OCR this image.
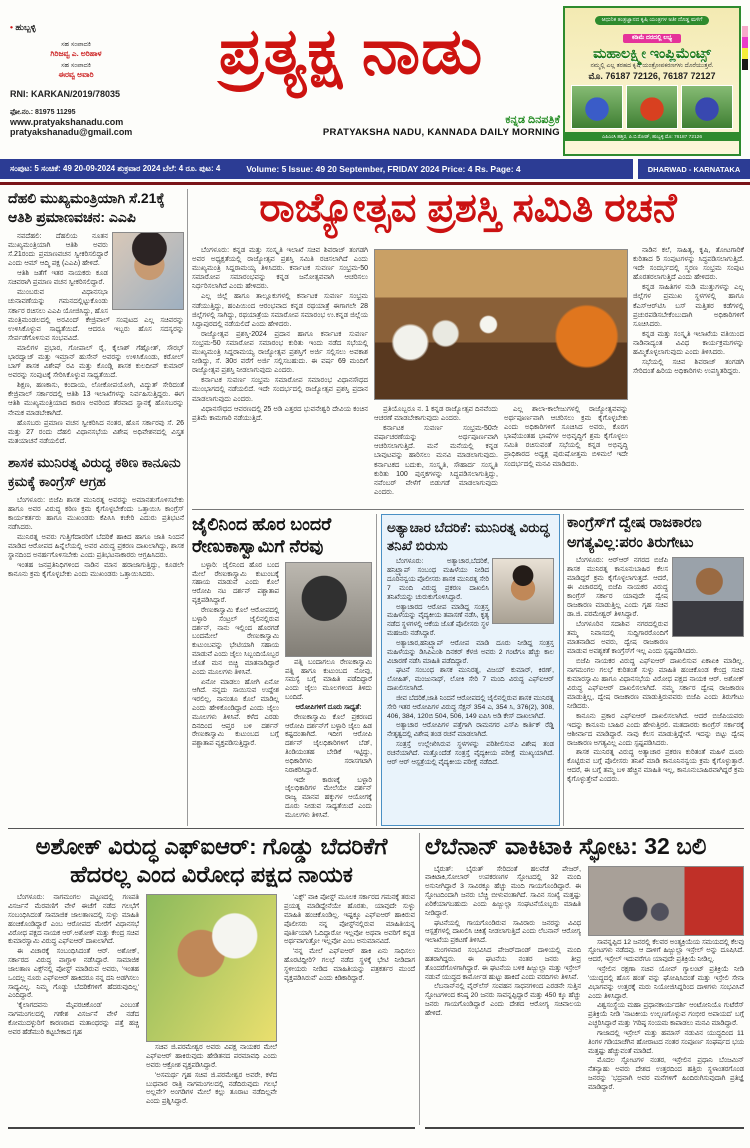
• ಹುಬ್ಬಳ್ಳಿ
ಸಹ ಸಂಪಾದಕಿ
ಗಿರಿಜವ್ವ ಎ. ಅರಿಹಾಳ
ಸಹ ಸಂಪಾದಕಿ
ಈರವ್ವ ಅವಾರಿ
RNI: KARKAN/2019/78035
ಫೋ.ನಂ.: 81975 11295
www.pratyakshanadu.com
pratyakshanadu@gmail.com
ಪ್ರತ್ಯಕ್ಷ ನಾಡು
ಕನ್ನಡ ದಿನಪತ್ರಿಕೆ
PRATYAKSHA NADU, KANNADA DAILY MORNING
ಆಧುನಿಕ ತಂತ್ರಜ್ಞಾನದ ಕೃಷಿ ಯಂತ್ರಗಳ ಅತೀ ದೊಡ್ಡ ಮಳಿಗೆ
ಕಡಿಮೆ ದರದಲ್ಲಿ ಲಭ್ಯ
ಮಹಾಲಕ್ಷ್ಮೀ ಇಂಪ್ಲಿಮೆಂಟ್ಸ್
ನಮ್ಮಲ್ಲಿ ಎಲ್ಲ ತರಹದ ಕೃಷಿ ಯಂತ್ರೋಪಕರಣಗಳು ದೊರೆಯುತ್ತವೆ.
ಮೊ. 76187 72126, 76187 72127
ಎಪಿಎಂಸಿ ಹತ್ತಿರ, ಪಿ.ಬಿ.ರೋಡ್, ಹುಬ್ಬಳ್ಳಿ ಮೊ: 76187 72126
ಸಂಪುಟ: 5 ಸಂಚಿಕೆ: 49 20-09-2024 ಶುಕ್ರವಾರ 2024 ಬೆಲೆ: 4 ರೂ. ಪುಟ: 4	Volume: 5 Issue: 49 20 September, FRIDAY 2024 Price: 4 Rs. Page: 4	DHARWAD - KARNATAKA
ದೆಹಲಿ ಮುಖ್ಯಮಂತ್ರಿಯಾಗಿ ಸೆ.21ಕ್ಕೆ ಆತಿಶಿ ಪ್ರಮಾಣವಚನ: ಎಎಪಿ

ನವದೆಹಲಿ: ದೆಹಲಿಯ ನೂತನ ಮುಖ್ಯಮಂತ್ರಿಯಾಗಿ ಆತಿಶಿ ಅವರು ಸೆ.21ರಂದು ಪ್ರಮಾಣವಚನ ಸ್ವೀಕರಿಸಲಿದ್ದಾರೆ ಎಂದು ಆಮ್ ಆದ್ಮಿ ಪಕ್ಷ (ಎಎಪಿ) ಹೇಳಿದೆ.

ಆತಿಶಿ ಜತೆಗೆ ಇತರ ನಾಯಕರು ಕೂಡ ಸಚಿವರಾಗಿ ಪ್ರಮಾಣ ವಚನ ಸ್ವೀಕರಿಸಲಿದ್ದಾರೆ.

ಮುಂಬರುವ ವಿಧಾನಸಭಾ ಚುನಾವಣೆಯನ್ನು ಗಮನದಲ್ಲಿಟ್ಟುಕೊಂಡು ಸರ್ಕಾರ ರಚಿಸಲು ಎಎಪಿ ಯೋಜಿಸಿದ್ದು, ಹೊಸ ಮಂತ್ರಿಮಂಡಲದಲ್ಲಿ ಅರವಿಂದ್ ಕೇಜ್ರಿವಾಲ್ ಸಂಪುಟದ ಎಲ್ಲ ಸಚಿವರನ್ನು ಉಳಿಸಿಕೊಳ್ಳುವ ಸಾಧ್ಯತೆಯಿದೆ. ಆದರೂ ಇಬ್ಬರು ಹೊಸ ಸದಸ್ಯರನ್ನು ಸೇರ್ಪಡೆಗೊಳಿಸುವ ಸಂಭವವಿದೆ.

ಮಾಲಿಗಳ ಪ್ರಭಾರ, ಗೋಪಾಲ್ ರೈ, ಕೈಲಾಶ್ ಗೆಹ್ಲೋತ್, ಸೌರಭ್ ಭಾರದ್ವಾಜ್ ಮತ್ತು ಇಮ್ರಾನ್ ಹುಸೇನ್ ಅವರನ್ನು ಉಳಿಸಿಕೊಂಡು, ಕರೋಲ್ ಬಾಗ್ ಶಾಸಕ ವಿಶೇಷ್ ರವಿ ಮತ್ತು ಕೊಂಡ್ಲಿ ಶಾಸಕ ಕುಲದೀಪ್ ಕುಮಾರ್ ಅವರನ್ನು ಸಂಪುಟಕ್ಕೆ ಸೇರಿಸಿಕೊಳ್ಳುವ ಸಾಧ್ಯತೆಯಿದೆ.

ಶಿಕ್ಷಣ, ಹಣಕಾಸು, ಕಂದಾಯ, ಲೋಕೋಪಯೋಗಿ, ವಿದ್ಯುತ್ ಸೇರಿದಂತೆ ಕೇಜ್ರಿವಾಲ್ ಸರ್ಕಾರದಲ್ಲಿ ಆತಿಶಿ 13 ಇಲಾಖೆಗಳನ್ನು ನಿರ್ವಹಿಸುತ್ತಿದ್ದರು. ಈಗ ಆತಿಶಿ ಮುಖ್ಯಮಂತ್ರಿಯಾದ ಕಾರಣ ಅವರಿಂದ ತೆರವಾದ ಸ್ಥಾನಕ್ಕೆ ಹೊಸಬರನ್ನು ನೇಮಕ ಮಾಡಬೇಕಾಗಿದೆ.

ಹೊಸಬರು ಪ್ರಮಾಣ ವಚನ ಸ್ವೀಕರಿಸಿದ ನಂತರ, ಹೊಸ ಸರ್ಕಾರವು ಸೆ. 26 ಮತ್ತು 27 ರಂದು ದೆಹಲಿ ವಿಧಾನಸಭೆಯ ವಿಶೇಷ ಅಧಿವೇಶನದಲ್ಲಿ ವಿಸ್ತೃತ ಮತಯಾಚನೆ ನಡೆಯಲಿದೆ.

ಶಾಸಕ ಮುನಿರತ್ನ ವಿರುದ್ಧ ಕಠಿಣ ಕಾನೂನು ಕ್ರಮಕ್ಕೆ ಕಾಂಗ್ರೆಸ್ ಆಗ್ರಹ

ಬೆಂಗಳೂರು: ಬಿಜೆಪಿ ಶಾಸಕ ಮುನಿರತ್ನ ಅವರನ್ನು ಅಮಾನತುಗೊಳಿಸಬೇಕು ಹಾಗೂ ಅವರ ವಿರುದ್ಧ ಕಠಿಣ ಕ್ರಮ ಕೈಗೊಳ್ಳಬೇಕೆಂದು ಒತ್ತಾಯಿಸಿ ಕಾಂಗ್ರೆಸ್ ಕಾರ್ಯಕರ್ತರು ಹಾಗೂ ಮುಖಂಡರು ಕೆಪಿಸಿಸಿ ಕಚೇರಿ ಎದುರು ಪ್ರತಿಭಟನೆ ನಡೆಸಿದರು.

ಮುನಿರತ್ನ ಅವರು ಗುತ್ತಿಗೆದಾರರಿಗೆ ಬೆದರಿಕೆ ಹಾಕಿದ ಹಾಗೂ ಜಾತಿ ನಿಂದನೆ ಮಾಡಿದ ಆರೋಪದ ಹಿನ್ನೆಲೆಯಲ್ಲಿ ಅವರ ವಿರುದ್ಧ ಪ್ರಕರಣ ದಾಖಲಾಗಿದ್ದು, ಶಾಸಕ ಸ್ಥಾನದಿಂದ ಅನರ್ಹಗೊಳಿಸಬೇಕು ಎಂದು ಪ್ರತಿಭಟನಾಕಾರರು ಆಗ್ರಹಿಸಿದರು.

ಇಂತಹ ಜನಪ್ರತಿನಿಧಿಗಳಿಂದ ನಾಡಿನ ಮಾನ ಹರಾಜಾಗುತ್ತಿದ್ದು, ಕೂಡಲೇ ಕಾನೂನು ಕ್ರಮ ಕೈಗೊಳ್ಳಬೇಕು ಎಂದು ಮುಖಂಡರು ಒತ್ತಾಯಿಸಿದರು.

ರಾಜ್ಯೋತ್ಸವ ಪ್ರಶಸ್ತಿ ಸಮಿತಿ ರಚನೆ

ಬೆಂಗಳೂರು: ಕನ್ನಡ ಮತ್ತು ಸಂಸ್ಕೃತಿ ಇಲಾಖೆ ಸಚಿವ ಶಿವರಾಜ್ ತಂಗಡಗಿ ಅವರ ಅಧ್ಯಕ್ಷತೆಯಲ್ಲಿ ರಾಜ್ಯೋತ್ಸವ ಪ್ರಶಸ್ತಿ ಸಮಿತಿ ರಚಿಸಲಾಗಿದೆ ಎಂದು ಮುಖ್ಯಮಂತ್ರಿ ಸಿದ್ದರಾಮಯ್ಯ ತಿಳಿಸಿದರು. ಕರ್ನಾಟಕ ಸುವರ್ಣ ಸಂಭ್ರಮ-50 ಸಮಾರೋಪ ಸಮಾರಂಭವನ್ನು ಕನ್ನಡ ಜನೋತ್ಸವವಾಗಿ ಆಚರಿಸಲು ನಿರ್ಧರಿಸಲಾಗಿದೆ ಎಂದು ಹೇಳಿದರು.

ಎಲ್ಲ ಜಿಲ್ಲೆ ಹಾಗೂ ತಾಲ್ಲೂಕುಗಳಲ್ಲಿ ಕರ್ನಾಟಕ ಸುವರ್ಣ ಸಂಭ್ರಮ ನಡೆಯುತ್ತಿದ್ದು, ಹಂಪಿಯಿಂದ ಆರಂಭವಾದ ಕನ್ನಡ ರಥಯಾತ್ರೆ ಈಗಾಗಲೇ 28 ಜಿಲ್ಲೆಗಳಲ್ಲಿ ಸಾಗಿದ್ದು, ರಥಯಾತ್ರೆಯ ಸಮಾರೋಪ ಸಮಾರಂಭ ಉ.ಕನ್ನಡ ಜಿಲ್ಲೆಯ ಸಿದ್ದಾಪುರದಲ್ಲಿ ನಡೆಯಲಿದೆ ಎಂದು ಹೇಳಿದರು.

ರಾಜ್ಯೋತ್ಸವ ಪ್ರಶಸ್ತಿ-2024 ಪ್ರದಾನ ಹಾಗೂ ಕರ್ನಾಟಕ ಸುವರ್ಣ ಸಂಭ್ರಮ-50 ಸಮಾರೋಪ ಸಮಾರಂಭ ಕುರಿತು ಇಂದು ನಡೆದ ಸಭೆಯಲ್ಲಿ ಮುಖ್ಯಮಂತ್ರಿ ಸಿದ್ದರಾಮಯ್ಯ ರಾಜ್ಯೋತ್ಸವ ಪ್ರಶಸ್ತಿಗೆ ಅರ್ಜಿ ಸಲ್ಲಿಸಲು ಅವಕಾಶ ನೀಡಿದ್ದು, ಸೆ. 30ರ ವರೆಗೆ ಅರ್ಜಿ ಸಲ್ಲಿಸಬಹುದು. ಈ ವರ್ಷ 69 ಮಂದಿಗೆ ರಾಜ್ಯೋತ್ಸವ ಪ್ರಶಸ್ತಿ ನೀಡಲಾಗುವುದು ಎಂದರು.

ಕರ್ನಾಟಕ ಸುವರ್ಣ ಸಂಭ್ರಮ ಸಮಾರೋಪ ಸಮಾರಂಭ ವಿಧಾನಸೌಧದ ಮುಂಭಾಗದಲ್ಲಿ ನಡೆಯಲಿದೆ. ಇದೇ ಸಂದರ್ಭದಲ್ಲಿ ರಾಜ್ಯೋತ್ಸವ ಪ್ರಶಸ್ತಿ ಪ್ರದಾನ ಮಾಡಲಾಗುವುದು ಎಂದರು.

ವಿಧಾನಸೌಧದ ಆವರಣದಲ್ಲಿ 25 ಅಡಿ ಎತ್ತರದ ಭುವನೇಶ್ವರಿ ದೇವಿಯ ಕಂಚಿನ ಪ್ರತಿಮೆ ಕಾಮಗಾರಿ ನಡೆಯುತ್ತಿದೆ.

ಪ್ರತಿಯೊಬ್ಬರೂ ನ. 1 ಕನ್ನಡ ರಾಜ್ಯೋತ್ಸವ ದಿನವೆಂದು ಆಚರಣೆ ಮಾಡಬೇಕಾಗುವುದು ಎಂದರು.

ಕರ್ನಾಟಕ ಸುವರ್ಣ ಸಂಭ್ರಮ-50ನೇ ವರ್ಷಾಚರಣೆಯನ್ನು ಅರ್ಥಪೂರ್ಣವಾಗಿ ಆಚರಿಸಲಾಗುತ್ತಿದೆ. ಮನೆ ಮನೆಯಲ್ಲಿ ಕನ್ನಡ ಬಾವುಟವನ್ನು ಹಾರಿಸಲು ಮನವಿ ಮಾಡಲಾಗುವುದು. ಕರ್ನಾಟಕದ ಬದುಕು, ಸಂಸ್ಕೃತಿ, ಸೌಹಾರ್ದ ಸಂಸ್ಕೃತಿ ಕುರಿತು 100 ಪುಸ್ತಕಗಳನ್ನು ಸಿದ್ಧಪಡಿಸಲಾಗುತ್ತಿದ್ದು, ನವೆಂಬರ್ ವೇಳೆಗೆ ಬಿಡುಗಡೆ ಮಾಡಲಾಗುವುದು ಎಂದರು.

ಎಲ್ಲ ಶಾಲಾ-ಕಾಲೇಜುಗಳಲ್ಲಿ ರಾಜ್ಯೋತ್ಸವವನ್ನು ಅರ್ಥಪೂರ್ಣವಾಗಿ ಆಚರಿಸಲು ಕ್ರಮ ಕೈಗೊಳ್ಳಬೇಕು ಎಂದು ಅಧಿಕಾರಿಗಳಿಗೆ ಸೂಚಿಸಿದ ಅವರು, ಕೊರಗ ಭಾಷೆಯಂತಹ ಭಾಷೆಗಳ ಅಭಿವೃದ್ಧಿಗೆ ಶ್ರಮ ಕೈಗೊಳ್ಳಲು ಸಮಿತಿ ರಚಿಸುವಂತೆ ಸಭೆಯಲ್ಲಿ ಕನ್ನಡ ಅಭಿವೃದ್ಧಿ ಪ್ರಾಧಿಕಾರದ ಅಧ್ಯಕ್ಷ ಪುರುಷೋತ್ತಮ ಬಿಳಿಮಲೆ ಇದೇ ಸಂದರ್ಭದಲ್ಲಿ ಮನವಿ ಮಾಡಿದರು.

ನಾಡಿನ ಕಲೆ, ಸಾಹಿತ್ಯ, ಕೃಷಿ, ತೋಟಗಾರಿಕೆ ಕುರಿತಾದ 5 ಸಂಪುಟಗಳನ್ನು ಸಿದ್ಧಪಡಿಸಲಾಗುತ್ತಿದೆ. ಇದೇ ಸಂದರ್ಭದಲ್ಲಿ ಸ್ಮರಣ ಸಂಭ್ರಮ ಸಂಪುಟ ಹೊರತರಲಾಗುತ್ತಿದೆ ಎಂದು ಹೇಳಿದರು.

ಕನ್ನಡ ಸಾಹಿತಿಗಳ ನುಡಿ ಮುತ್ತುಗಳನ್ನು ಎಲ್ಲ ಜಿಲ್ಲೆಗಳ ಪ್ರಮುಖ ಸ್ಥಳಗಳಲ್ಲಿ ಹಾಗೂ ಕೆಎಸ್‌ಆರ್‌ಟಿಸಿ ಬಸ್ ಮತ್ತಿತರ ಕಡೆಗಳಲ್ಲಿ ಪ್ರಚುರಪಡಿಸಬೇಕೆಂಬುದಾಗಿ ಅಧಿಕಾರಿಗಳಿಗೆ ಸೂಚಿಸಿದರು.

ಕನ್ನಡ ಮತ್ತು ಸಂಸ್ಕೃತಿ ಇಲಾಖೆಯ ವತಿಯಿಂದ ನಾಡಿನಾದ್ಯಂತ ವಿವಿಧ ಕಾರ್ಯಕ್ರಮಗಳನ್ನು ಹಮ್ಮಿಕೊಳ್ಳಲಾಗುವುದು ಎಂದು ತಿಳಿಸಿದರು.

ಸಭೆಯಲ್ಲಿ ಸಚಿವ ಶಿವರಾಜ್ ತಂಗಡಗಿ ಸೇರಿದಂತೆ ಹಿರಿಯ ಅಧಿಕಾರಿಗಳು ಉಪಸ್ಥಿತರಿದ್ದರು.

ಜೈಲಿನಿಂದ ಹೊರ ಬಂದರೆ ರೇಣುಕಾಸ್ವಾಮಿಗೆ ನೆರವು

ಬಳ್ಳಾರಿ: ಜೈಲಿನಿಂದ ಹೊರ ಬಂದ ಮೇಲೆ ರೇಣುಕಾಸ್ವಾಮಿ ಕುಟುಂಬಕ್ಕೆ ಸಹಾಯ ಮಾಡುವೆ ಎಂದು ಕೊಲೆ ಆರೋಪಿ ನಟ ದರ್ಶನ್ ಪಶ್ಚಾತಾಪ ವ್ಯಕ್ತಪಡಿಸಿದ್ದಾರೆ.

ರೇಣುಕಾಸ್ವಾಮಿ ಕೊಲೆ ಆರೋಪದಲ್ಲಿ ಬಳ್ಳಾರಿ ಸೆಂಟ್ರಲ್ ಜೈಲಿನಲ್ಲಿರುವ ದರ್ಶನ್, ನಾನು ಇಲ್ಲಿಂದ ಹೊರಗಡೆ ಬಂದಮೇಲೆ ರೇಣುಕಾಸ್ವಾಮಿ ಕುಟುಂಬವನ್ನು ಭೇಟಿಯಾಗಿ ಸಹಾಯ ಮಾಡುವೆ ಎಂದು ಜೈಲು ಸಿಬ್ಬಂದಿಯೊಬ್ಬರ ಜೊತೆ ಮನ ಬಿಚ್ಚಿ ಮಾತನಾಡಿದ್ದಾರೆ ಎಂದು ಮೂಲಗಳು ತಿಳಿಸಿವೆ.

ಏನೋ ಮಾಡಲು ಹೋಗಿ ಏನೋ ಆಗಿದೆ. ನನ್ನದು ಸಾಯಿಸುವ ಉದ್ದೇಶ ಇರಲಿಲ್ಲ, ನಾನಂತೂ ಕೊಲೆ ಮಾಡಿಲ್ಲ ಎಂದು ಹೇಳಿಕೊಂಡಿದ್ದಾರೆ ಎಂದು ಜೈಲು ಮೂಲಗಳು ತಿಳಿಸಿವೆ. ಕಳೆದ ಎರಡು ದಿನದಿಂದ ಆಪ್ತರ ಬಳಿ ದರ್ಶನ್ ರೇಣುಕಾಸ್ವಾಮಿ ಕುಟುಂಬದ ಬಗ್ಗೆ ಪಶ್ಚಾತಾಪ ವ್ಯಕ್ತಪಡಿಸುತ್ತಿದ್ದಾರೆ.

ಪತ್ನಿ ಬಂದಾಗಲೂ ರೇಣುಕಾಸ್ವಾಮಿ ಪತ್ನಿ ಹಾಗೂ ಕುಟುಂಬದ ನೋವು, ಸಮಸ್ಯೆ ಬಗ್ಗೆ ಮಾಹಿತಿ ಪಡೆದಿದ್ದಾರೆ ಎಂದು ಜೈಲು ಮೂಲಗಳಿಂದ ತಿಳಿದು ಬಂದಿದೆ.

ಆರೋಪಿಗಳಿಗೆ ದೂರು ಸಾಧ್ಯತೆ:

ರೇಣುಕಾಸ್ವಾಮಿ ಕೊಲೆ ಪ್ರಕರಣದ ಆರೋಪಿ ದರ್ಶನ್‌ಗೆ ಬಳ್ಳಾರಿ ಜೈಲು ಹಿಡ ಕಷ್ಟದಂತಾಗಿದೆ. ಇದೀಗ ಆರೋಪಿ ದರ್ಶನ್ ಜೈಲಧಿಕಾರಿಗಳಿಗೆ ಬೆಡ್, ತಿಂಡಿಯಂತಹ ಬೇಡಿಕೆ ಇಟ್ಟಿದ್ದು, ಅಧಿಕಾರಿಗಳು ಸರಾಸಗಟಾಗಿ ನಿರಾಕರಿಸಿದ್ದಾರೆ.

ಇದೇ ಕಾರಣಕ್ಕೆ ಬಳ್ಳಾರಿ ಜೈಲಧಿಕಾರಿಗಳ ಮೇಲೆಯೇ ದರ್ಶನ್ ರಾಜ್ಯ ಮಾನವ ಹಕ್ಕುಗಳ ಆಯೋಗಕ್ಕೆ ದೂರು ನೀಡುವ ಸಾಧ್ಯತೆಯಿದೆ ಎಂದು ಮೂಲಗಳು ತಿಳಿಸಿವೆ.

ಅತ್ಯಾಚಾರ ಬೆದರಿಕೆ: ಮುನಿರತ್ನ ವಿರುದ್ಧ ತನಿಖೆ ಬಿರುಸು

ಬೆಂಗಳೂರು: ಅತ್ಯಾಚಾರ,ಬೆದರಿಕೆ, ಹನಿಟ್ರ್ಯಾಪ್ ಸಂಬಂಧ ಮಹಿಳೆಯು ನೀಡಿದ ದೂರಿನನ್ವಯ ಪೊಲೀಸರು ಶಾಸಕ ಮುನಿರತ್ನ ಸೇರಿ 7 ಮಂದಿ ವಿರುದ್ಧ ಪ್ರಕರಣ ದಾಖಲಿಸಿ ತನಿಖೆಯನ್ನು ಚುರುಕುಗೊಳಿಸಿದ್ದಾರೆ.

ಅತ್ಯಾಚಾರದ ಆರೋಪ ಮಾಡಿದ್ದ ಸಂತ್ರಸ್ತ ಮಹಿಳೆಯನ್ನು ವೈದ್ಯಕೀಯ ತಪಾಸಣೆ ನಡೆಸಿ, ಕೃತ್ಯ ನಡೆದ ಸ್ಥಳಗಳಲ್ಲಿ ಆಕೆಯ ಜೊತೆ ಪೊಲೀಸರು ಸ್ಥಳ ಮಹಜರು ನಡೆಸಿದ್ದಾರೆ.

ಅತ್ಯಾಚಾರ,ಹನಿಟ್ರ್ಯಾಪ್ ಆರೋಪ ಮಾಡಿ ದೂರು ನೀಡಿದ್ದ ಸಂತ್ರಸ್ತ ಮಹಿಳೆಯನ್ನು ಡಿಸಿಪಿಎಂಶಿ ದಿನಕರ್ ಕೆಳಜಿ ಅವರು 2 ಗಂಟೆಗೂ ಹೆಚ್ಚು ಕಾಲ ವಿಚಾರಣೆ ನಡೆಸಿ ಮಾಹಿತಿ ಪಡೆದಿದ್ದಾರೆ.

ಘಟನೆ ಸಂಬಂಧ ಶಾಸಕ ಮುನಿರತ್ನ, ವಿಜಯ್ ಕುಮಾರ್, ಕಿರಣ್, ಲೋಹಿತ್, ಮಂಜುನಾಥ್, ಲೋಕಿ ಸೇರಿ 7 ಮಂದಿ ವಿರುದ್ಧ ಎಫ್‌ಐಆರ್ ದಾಖಲಿಸಲಾಗಿದೆ.

ಜೀವ ಬೆದರಿಕೆ,ಜಾತಿ ನಿಂದನೆ ಆರೋಪದಲ್ಲಿ ಜೈಲಿನಲ್ಲಿರುವ ಶಾಸಕ ಮುನಿರತ್ನ ಸೇರಿ ಇತರ ಆರೋಪಿಗಳ ವಿರುದ್ಧ ಸೆಕ್ಷನ್ 354 ಎ, 354 ಸಿ, 376(2), 308, 406, 384, 120ಬಿ 504, 506, 149 ಐಪಿಸಿ ಅಡಿ ಕೇಸ್ ದಾಖಲಾಗಿದೆ.

ಅತ್ಯಾಚಾರ ಆರೋಪಿಗಳ ಪತ್ತೆಗಾಗಿ ರಾಮನಗರ ಎಸ್‌ಪಿ ಕಾರ್ತಿಕ್ ರೆಡ್ಡಿ ನೇತೃತ್ವದಲ್ಲಿ ವಿಶೇಷ ತಂಡ ರಚನೆ ಮಾಡಲಾಗಿದೆ.

ಸಂತ್ರಸ್ತೆ ಉಲ್ಲೇಖಿಸಿರುವ ಸ್ಥಳಗಳನ್ನು ಪರಿಶೀಲಿಸುವ ವಿಶೇಷ ತಂಡ ರಚನೆಯಾಗಿದೆ. ಮತ್ತೊಂದೆಡೆ ಸಂತ್ರಸ್ತೆ ವೈದ್ಯಕೀಯ ಪರೀಕ್ಷೆ ಮುಖ್ಯಯಾಗಿದೆ. ಆರ್ ಆರ್ ಆಸ್ಪತ್ರೆಯಲ್ಲಿ ವೈದ್ಯಕೀಯ ಪರೀಕ್ಷೆ ನಡೆದಿದೆ.

ಕಾಂಗ್ರೆಸ್‌ಗೆ ದ್ವೇಷ ರಾಜಕಾರಣ ಅಗತ್ಯವಿಲ್ಲ:ಪರಂ ತಿರುಗೇಟು

ಬೆಂಗಳೂರು: ಆರ್‌ಆರ್ ನಗರದ ಬಿಜೆಪಿ ಶಾಸಕ ಮುನಿರತ್ನ ಕಾನೂನುಬಾಹಿರ ಕೆಲಸ ಮಾಡಿದ್ದರೆ ಕ್ರಮ ಕೈಗೊಳ್ಳಲಾಗುತ್ತದೆ. ಆದರೆ, ಈ ವಿಚಾರದಲ್ಲಿ ಬಿಜೆಪಿ ನಾಯಕರ ವಿರುದ್ಧ ಕಾಂಗ್ರೆಸ್ ಸರ್ಕಾರ ಯಾವುದೇ ದ್ವೇಷ ರಾಜಕಾರಣ ಮಾಡುತ್ತಿಲ್ಲ ಎಂದು ಗೃಹ ಸಚಿವ ಡಾ.ಜಿ. ಪರಮೇಶ್ವರ್ ತಿಳಿಸಿದ್ದಾರೆ.

ಬೆಂಗಳೂರಿನ ಸದಾಶಿವ ನಗರದಲ್ಲಿರುವ ತಮ್ಮ ನಿವಾಸದಲ್ಲಿ ಸುದ್ದಿಗಾರರೊಂದಿಗೆ ಮಾತನಾಡಿದ ಅವರು, ದ್ವೇಷ ರಾಜಕಾರಣ ಮಾಡುವ ಅವಶ್ಯಕತೆ ಕಾಂಗ್ರೆಸ್‌ಗೆ ಇಲ್ಲ ಎಂದು ಸ್ಪಷ್ಟಪಡಿಸಿದರು.

ಬಿಜೆಪಿ ನಾಯಕರ ವಿರುದ್ಧ ಎಫ್‌ಐಆರ್ ದಾಖಲಿಸುವ ಏಕಾಏಕಿ ಮಾಡಿಲ್ಲ. ನಾಗಮಂಗಲ ಗಲಭೆ ಕುರಿತಂತೆ ಸುಳ್ಳು ಮಾಹಿತಿ ಹಂಚಿಕೊಂಡ ಕೇಂದ್ರ ಸಚಿವ ಕುಮಾರಸ್ವಾಮಿ ಹಾಗೂ ವಿಧಾನಸಭೆಯ ವಿರೋಧ ಪಕ್ಷದ ನಾಯಕ ಆರ್. ಅಶೋಕ್ ವಿರುದ್ಧ ಎಫ್‌ಐಆರ್ ದಾಖಲಿಸಲಾಗಿದೆ. ನಮ್ಮ ಸರ್ಕಾರ ದ್ವೇಷ ರಾಜಕಾರಣ ಮಾಡುತ್ತಿಲ್ಲ, ದ್ವೇಷ ರಾಜಕಾರಣ ಮಾಡುತ್ತಿರುವವರು ಬಿಜೆಪಿ ಎಂದು ತಿರುಗೇಟು ನೀಡಿದರು.

ಕಾನೂನು ಪ್ರಕಾರ ಎಫ್‌ಐಆರ್ ದಾಖಲಿಸಲಾಗಿದೆ. ಆದರೆ ಬಿಜೆಪಿಯವರು ಇದನ್ನು ಕಾನೂನು ಬಾಹಿರ ಎಂದು ಹೇಳುತ್ತಿರಲಿ. ಮತದಾರರು ಕಾಂಗ್ರೆಸ್ ಸರ್ಕಾರಕ್ಕೆ ಆಶೀರ್ವಾದ ಮಾಡಿದ್ದಾರೆ. ನಾವು ಕೆಲಸ ಮಾಡುತ್ತಿದ್ದೇವೆ. ಇದನ್ನು ಬಿಟ್ಟು ದ್ವೇಷ ರಾಜಕಾರಣ ಅಗತ್ಯವಿಲ್ಲ ಎಂದು ಸ್ಪಷ್ಟಪಡಿಸಿದರು.

ಶಾಸಕ ಮುನಿರತ್ನ ವಿರುದ್ಧ ಅತ್ಯಾಚಾರ ಪ್ರಕರಣ ಕುರಿತಂತೆ ಮಹಿಳೆ ದೂರು ಕೊಟ್ಟಿರುವ ಬಗ್ಗೆ ಪೊಲೀಸರು ತನಿಖೆ ಮಾಡಿ ಕಾನೂನಿನನ್ವಯ ಕ್ರಮ ಕೈಗೊಳ್ಳುತ್ತಾರೆ. ಆದರೆ, ಈ ಬಗ್ಗೆ ತಮ್ಮ ಬಳಿ ಹೆಚ್ಚಿನ ಮಾಹಿತಿ ಇಲ್ಲ, ಕಾನೂನುಬಾಹಿರವಾಗಿದ್ದರೆ ಕ್ರಮ ಕೈಗೊಳ್ಳುತ್ತೇವೆ ಎಂದರು.

ಅಶೋಕ್ ವಿರುದ್ಧ ಎಫ್‌ಐಆರ್: ಗೊಡ್ಡು ಬೆದರಿಕೆಗೆ ಹೆದರಲ್ಲ ಎಂದ ವಿರೋಧ ಪಕ್ಷದ ನಾಯಕ

ಬೆಂಗಳೂರು: ನಾಗಮಂಗಲ ಪಟ್ಟಣದಲ್ಲಿ ಗಣಪತಿ ವಿಸರ್ಜನೆ ಮೆರವಣಿಗೆ ವೇಳೆ ಈಚೆಗೆ ನಡೆದ ಗಲಭೆಗೆ ಸಂಬಂಧಿಸಿದಂತೆ ಸಾಮಾಜಿಕ ಜಾಲತಾಣದಲ್ಲಿ ಸುಳ್ಳು ಮಾಹಿತಿ ಹಂಚಿಕೊಂಡಿದ್ದಾರೆ ಎಂಬ ಆರೋಪದ ಮೇರೆಗೆ ವಿಧಾನಸಭೆ ವಿರೋಧ ಪಕ್ಷದ ನಾಯಕ ಆರ್.ಅಶೋಕ್ ಮತ್ತು ಕೇಂದ್ರ ಸಚಿವ ಕುಮಾರಸ್ವಾಮಿ ವಿರುದ್ಧ ಎಫ್‌ಐಆರ್ ದಾಖಲಾಗಿದೆ.

ಈ ವಿಚಾರಕ್ಕೆ ಸಂಬಂಧಿಸಿದಂತೆ ಆರ್. ಅಶೋಕ್, ಸರ್ಕಾರದ ವಿರುದ್ಧ ವಾಗ್ದಾಳಿ ನಡೆಸಿದ್ದಾರೆ. ಸಾಮಾಜಿಕ ಜಾಲತಾಣ ಎಕ್ಸ್‌ನಲ್ಲಿ ಪೋಸ್ಟ್ ಮಾಡಿರುವ ಅವರು, 'ಇಂತಹ ಒಂದಲ್ಲ ನೂರು ಎಫ್‌ಐಆರ್ ಹಾಕಿದರೂ ನನ್ನ ದನಿ ಅಡಗಿಸಲು ಸಾಧ್ಯವಿಲ್ಲ. ನಿಮ್ಮ ಗೊಡ್ಡು ಬೆದರಿಕೆಗಳಿಗೆ ಹೆದರುವುದಿಲ್ಲ' ಎಂದಿದ್ದಾರೆ.

'ಕೈಲಾಗದವನು ಮೈಪರಚಿಕೊಂಡ' ಎಂಬಂತೆ ನಾಗಮಂಗಲದಲ್ಲಿ ಗಣೇಶ ವಿಸರ್ಜನೆ ವೇಳೆ ನಡೆದ ಕೋಮುದಳ್ಳುರಿಗೆ ಕಾರಣರಾದ ಮತಾಂಧರನ್ನು ಪತ್ತೆ ಹಚ್ಚಿ ಅವರ ಹೆಡೆಮುರಿ ಕಟ್ಟಬೇಕಾದ ಗೃಹ

ಸಚಿವ ಜಿ.ಪರಮೇಶ್ವರ ಅವರು ವಿಪಕ್ಷ ನಾಯಕರ ಮೇಲೆ ಎಫ್‌ಐಆರ್ ಹಾಕಿರುವುದು ಹೇಡಿತನದ ಪರಮಾವಧಿ ಎಂದು ಅವರು ಆಕ್ರೋಶ ವ್ಯಕ್ತಪಡಿಸಿದ್ದಾರೆ.

'ಅಸಮರ್ಥ ಗೃಹ ಸಚಿವ ಜಿ.ಪರಮೇಶ್ವರ ಅವರೇ, ಕಳೆದ ಬುಧವಾರ ರಾತ್ರಿ ನಾಗಮಂಗಲದಲ್ಲಿ ನಡೆದಿರುವುದು ಗಲಭೆ ಅಲ್ಲವೇ? ಅಂಗಡಿಗಳ ಮೇಲೆ ಕಲ್ಲು ತೂರಾಟ ನಡೆದಿಲ್ಲವೇ ಎಂದು ಪ್ರಶ್ನಿಸಿದ್ದಾರೆ.

'ಎಕ್ಸ್' ವಾಕಿ ಪೋಸ್ಟ್ ಮೂಲಕ ಸರ್ಕಾರದ ಗಮನಕ್ಕೆ ತರುವ ಪ್ರಯತ್ನ ಮಾಡಿದ್ದೇನೆಯೇ ಹೊರತು, ಯಾವುದೇ ಸುಳ್ಳು ಮಾಹಿತಿ ಹಂಚಿಕೊಂಡಿಲ್ಲ. ಇಷ್ಟಕ್ಕೂ ಎಫ್‌ಐಆರ್ ಹಾಕಿರುವ ಪೊಲೀಸರು ನನ್ನ ಪೋಸ್ಟ್‌ನಲ್ಲಿರುವ ಮಾಹಿತಿಯನ್ನ ಪೂರ್ತಿಯಾಗಿ ಓದಿದ್ದಾರೋ ಇಲ್ಲವೋ ಅಥವಾ ಅವರಿಗೆ ಕನ್ನಡ ಅರ್ಥವಾಗುತ್ತೋ ಇಲ್ಲವೋ ಎಂಬ ಅನುಮಾನವಿದೆ.

'ನನ್ನ ಮೇಲೆ ಎಫ್‌ಐಆರ್ ಹಾಕಿ ಏನು ಸಾಧಿಸಲು ಹೊರಟಿದ್ದೀರಿ? ಗಲಭೆ ನಡೆದ ಸ್ಥಳಕ್ಕೆ ಭೇಟಿ ನೀಡಿದಾಗ ಸ್ಥಳೀಯರು ನೀಡಿದ ಮಾಹಿತಿಯನ್ನು ಪತ್ರಕರ್ತರ ಮುಂದೆ ವ್ಯಕ್ತಪಡಿಸಿರುವೆ' ಎಂದು ಕಿಡಿಕಾರಿದ್ದಾರೆ.

ಲೆಬೆನಾನ್ ವಾಕಿಟಾಕಿ ಸ್ಫೋಟ: 32 ಬಲಿ

ಬೈರುತ್: ಬೈರುತ್ ಸೇರಿದಂತೆ ಹಲವೆಡೆ ಪೇಜರ್, ವಾಕಿಟಾಕಿ,ಸೋಲಾರ್ ಉಪಕರಣಗಳ ಸ್ಫೋಟದಲ್ಲಿ 32 ಮಂದಿ ಅಸುನೀಗಿದ್ದಾರೆ 3 ಸಾವಿರಕ್ಕೂ ಹೆಚ್ಚು ಮಂದಿ ಗಾಯಗೊಂಡಿದ್ದಾರೆ. ಈ ಸ್ಫೋಟದಿಂದಾಗಿ ಜನರು ಬೆಚ್ಚಿ ಬೀಳುವಂತಾಗಿದೆ. ಸಾವಿನ ಸಂಖ್ಯೆ ಮತ್ತಷ್ಟು ಏರಿಕೆಯಾಗಬಹುದು ಎಂದು ಹಿಜ್ಬುಲ್ಲಾ ಸಂಘಟನೆಯೊಬ್ಬರು ಮಾಹಿತಿ ನೀಡಿದ್ದಾರೆ.

ಘಟನೆಯಲ್ಲಿ ಗಾಯಗೊಂಡಿರುವ ಸಾವಿರಾರು ಜನರನ್ನು ವಿವಿಧ ಆಸ್ಪತ್ರೆಗಳಲ್ಲಿ ದಾಖಲಿಸಿ ಚಿಕಿತ್ಸೆ ನೀಡಲಾಗುತ್ತಿದೆ ಎಂದು ಲೆಬನಾನ್ ಆರೋಗ್ಯ ಇಲಾಖೆಯ ಪ್ರಕಟಣೆ ತಿಳಿಸಿದೆ.

ಮಂಗಳವಾರ ಸಂಭವಿಸಿದ ಪೇಜರ್‌ದಾಂಡ್ ದಾಳಿಯಲ್ಲಿ ಮಂದಿ ಹತರಾಗಿದ್ದರು. ಈ ಘಟನೆಯ ನಂತರ ಜನರು ತೀವ್ರ ತೊಂದರೆಗೊಳಗಾಗಿದ್ದಾರೆ. ಈ ಘಟನೆಯ ಬಳಿಕ ಹಿಜ್ಬುಲ್ಲಾ ಮತ್ತು ಇಸ್ರೇಲ್ ನಡುವೆ ಯುದ್ಧದ ಕಾರ್ಮೋಡ ಹುಟ್ಟು ಹಾಕಿದೆ ಎಂದು ವರದಿಗಳು ತಿಳಿಸಿವೆ.

ಲೆಬನಾನ್‌ನಲ್ಲಿ ವೈರ್‌ಲೆಸ್ ಸಂವಹನ ಸಾಧನಗಳಿಂದ ಎರಡನೇ ಸುತ್ತಿನ ಸ್ಫೋಟಗಳಿಂದ ಕನಿಷ್ಠ 20 ಜನರು ಸಾವನ್ನಪ್ಪಿದ್ದಾರೆ ಮತ್ತು 450 ಕ್ಕೂ ಹೆಚ್ಚು ಜನರು ಗಾಯಗೊಂಡಿದ್ದಾರೆ ಎಂದು ದೇಶದ ಆರೋಗ್ಯ ಸಚಿವಾಲಯ ಹೇಳಿದೆ.

ಸಾವನ್ನಪ್ಪಿದ 12 ಜನರಲ್ಲಿ ಕೆಲವರ ಅಂತ್ಯಕ್ರಿಯೆಯ ಸಮಯದಲ್ಲಿ ಕೆಲವು ಸ್ಫೋಟಗಳು ನಡೆದವು. ಆ ದಾಳಿಗೆ ಹಿಜ್ಬುಲ್ಲಾ ಇಸ್ರೇಲ್ ಅನ್ನು ದೂಷಿಸಿದೆ. ಆದರೆ, ಇಸ್ರೇಲ್ ಇದುವರೆಗೂ ಯಾವುದೇ ಪ್ರತಿಕ್ರಿಯೆ ನೀಡಿಲ್ಲ.

ಇಸ್ರೇಲಿನ ರಕ್ಷಣಾ ಸಚಿವ ಯೋವ್ ಗ್ಯಾಲಂಟ್ ಪ್ರತಿಕ್ರಿಯೆ ನೀಡಿ 'ಯುದ್ಧದಲ್ಲಿ ಹೊಸ ಹಂತ' ವನ್ನು ಘೋಷಿಸಿದಂತೆ ಮತ್ತು ಇಸ್ರೇಲಿ ಸೇನಾ ವಿಭಾಗವನ್ನು ಉತ್ತರಕ್ಕೆ ಮರು ನಿಯೋಜಿಸಿದ್ದರಿಂದ ದಾಳಿಗಳು ಸಂಭವಿಸಿವೆ ಎಂದು ತಿಳಿಸಿದ್ದಾರೆ.

ವಿಶ್ವಸಂಸ್ಥೆಯ ಮಹಾ ಪ್ರಧಾನಕಾರ್ಯದರ್ಶಿ ಆಂಟೋನಿಯೊ ಗುಟೆರೆಸ್ ಪ್ರತಿಕ್ರಿಯೆ ನೀಡಿ 'ನಾಟಕೀಯ ಉಲ್ಬಣಗೊಳ್ಳುವ ಗಂಭೀರ ಅಪಾಯದ' ಬಗ್ಗೆ ಎಚ್ಚರಿಸಿದ್ದಾರೆ ಮತ್ತು 'ಗರಿಷ್ಠ ಸಂಯಮ ಕಾಪಾಡಲು ಮನವಿ ಮಾಡಿದ್ದಾರೆ.

ಗಾಜಾದಲ್ಲಿ ಇಸ್ರೇಲ್ ಮತ್ತು ಹಮಾಸ್ ನಡುವಿನ ಯುದ್ಧದಿಂದ 11 ತಿಂಗಳ ಗಡಿಯಾಚೆಗಿನ ಹೋರಾಟದ ನಂತರ ಸಂಪೂರ್ಣ ಸಂಘರ್ಷದ ಭಯ ಮತ್ತಷ್ಟು ಹೆಚ್ಚುವಂತೆ ಮಾಡಿದೆ.

ಮೊದಲ ಸ್ಫೋಟಗಳ ನಂತರ, ಇಸ್ರೇಲಿನ ಪ್ರಧಾನಿ ಬೆಂಜಮಿನ್ ನೆತನ್ಯಾಹು ಅವರು ದೇಶದ ಉತ್ತರದಿಂದ ಹತ್ತಿರು ಸ್ಥಳಾಂತರಗೊಂಡ ಜನರನ್ನು 'ಭದ್ರವಾಗಿ ಅವರ ಮನೆಗಳಿಗೆ' ಹಿಂದಿರುಗಿಸುವುದಾಗಿ ಪ್ರತಿಜ್ಞೆ ಮಾಡಿದ್ದಾರೆ.
